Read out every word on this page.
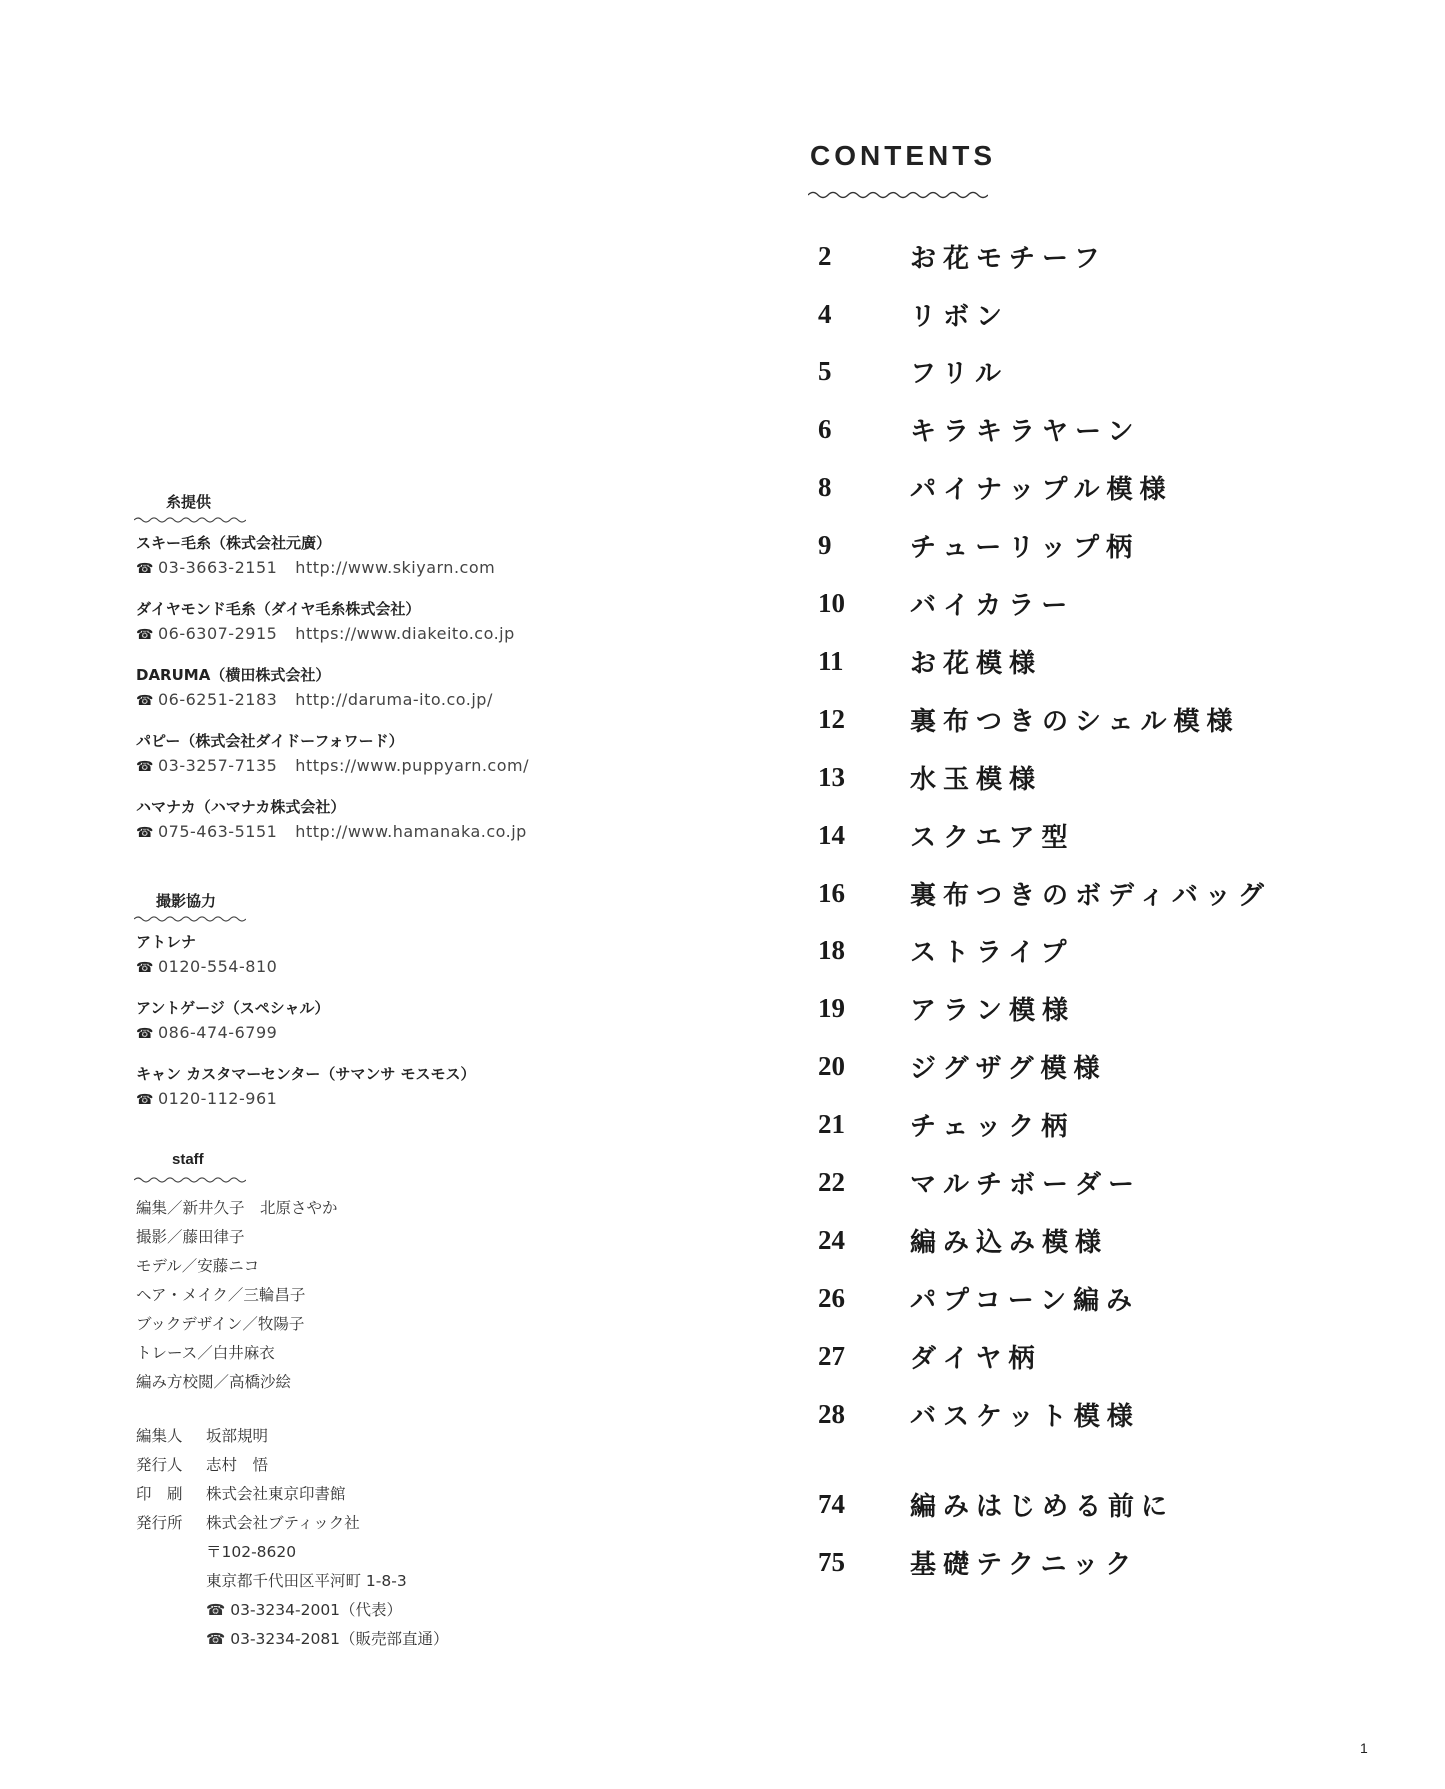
CONTENTS
2	お花モチーフ
4	リボン
5	フリル
6	キラキラヤーン
8	パイナップル模様
9	チューリップ柄
10	バイカラー
11	お花模様
12	裏布つきのシェル模様
13	水玉模様
14	スクエア型
16	裏布つきのボディバッグ
18	ストライプ
19	アラン模様
20	ジグザグ模様
21	チェック柄
22	マルチボーダー
24	編み込み模様
26	パプコーン編み
27	ダイヤ柄
28	バスケット模様
74	編みはじめる前に
75	基礎テクニック
糸提供
スキー毛糸（株式会社元廣）
☎ 03-3663-2151 http://www.skiyarn.com
ダイヤモンド毛糸（ダイヤ毛糸株式会社）
☎ 06-6307-2915 https://www.diakeito.co.jp
DARUMA（横田株式会社）
☎ 06-6251-2183 http://daruma-ito.co.jp/
パピー（株式会社ダイドーフォワード）
☎ 03-3257-7135 https://www.puppyarn.com/
ハマナカ（ハマナカ株式会社）
☎ 075-463-5151 http://www.hamanaka.co.jp
撮影協力
アトレナ
☎ 0120-554-810
アントゲージ（スペシャル）
☎ 086-474-6799
キャン カスタマーセンター（サマンサ モスモス）
☎ 0120-112-961
staff
編集／新井久子　北原さやか
撮影／藤田律子
モデル／安藤ニコ
ヘア・メイク／三輪昌子
ブックデザイン／牧陽子
トレース／白井麻衣
編み方校閲／高橋沙絵
編集人 坂部規明
発行人 志村　悟
印　刷 株式会社東京印書館
発行所 株式会社ブティック社
〒102-8620
東京都千代田区平河町 1-8-3
☎ 03-3234-2001（代表）
☎ 03-3234-2081（販売部直通）
1
